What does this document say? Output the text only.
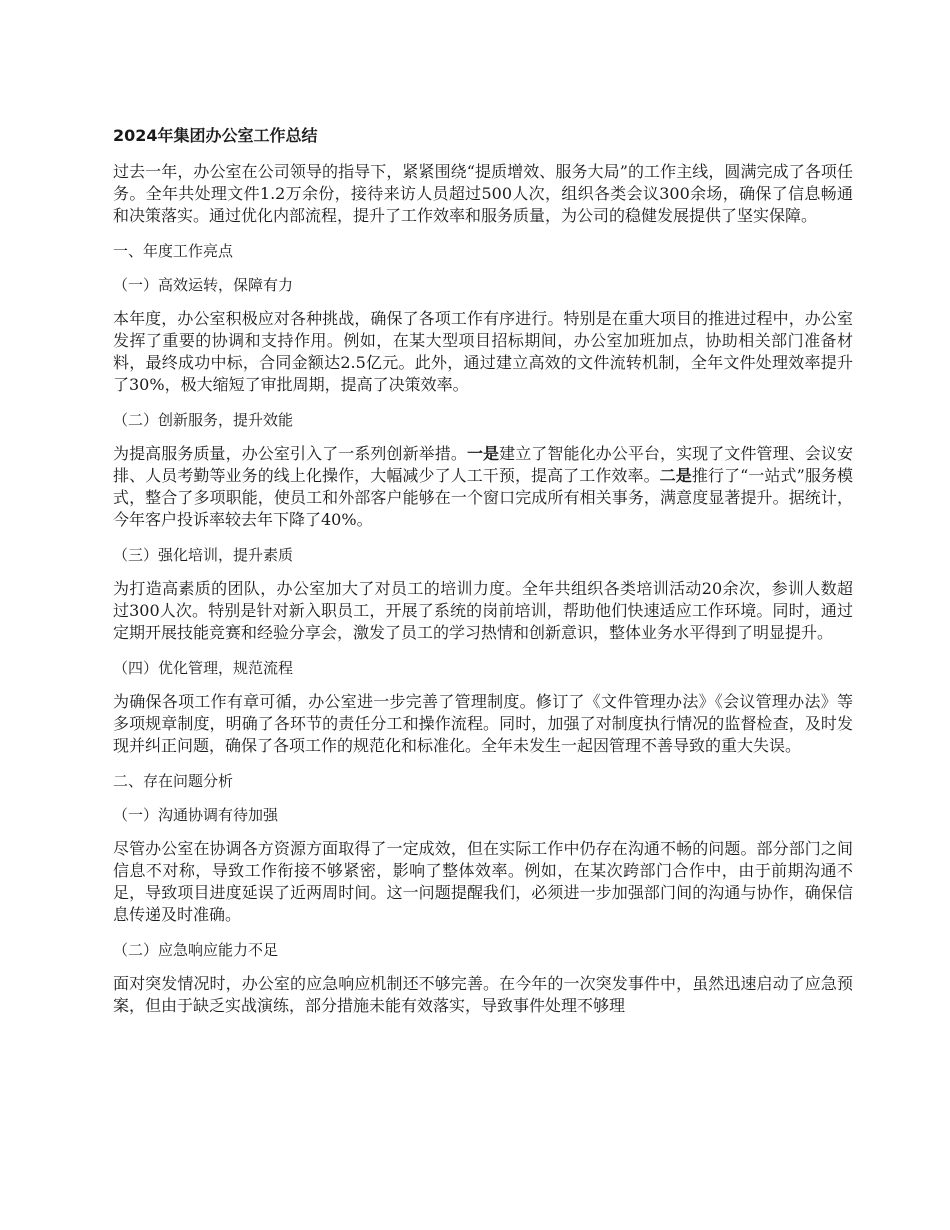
2024年集团办公室工作总结

过去一年，办公室在公司领导的指导下，紧紧围绕“提质增效、服务大局”的工作主线，圆满完成了各项任务。全年共处理文件1.2万余份，接待来访人员超过500人次，组织各类会议300余场，确保了信息畅通和决策落实。通过优化内部流程，提升了工作效率和服务质量，为公司的稳健发展提供了坚实保障。

一、年度工作亮点
（一）高效运转，保障有力

本年度，办公室积极应对各种挑战，确保了各项工作有序进行。特别是在重大项目的推进过程中，办公室发挥了重要的协调和支持作用。例如，在某大型项目招标期间，办公室加班加点，协助相关部门准备材料，最终成功中标，合同金额达2.5亿元。此外，通过建立高效的文件流转机制，全年文件处理效率提升了30%，极大缩短了审批周期，提高了决策效率。

（二）创新服务，提升效能

为提高服务质量，办公室引入了一系列创新举措。一是建立了智能化办公平台，实现了文件管理、会议安排、人员考勤等业务的线上化操作，大幅减少了人工干预，提高了工作效率。二是推行了“一站式”服务模式，整合了多项职能，使员工和外部客户能够在一个窗口完成所有相关事务，满意度显著提升。据统计，今年客户投诉率较去年下降了40%。

（三）强化培训，提升素质

为打造高素质的团队，办公室加大了对员工的培训力度。全年共组织各类培训活动20余次，参训人数超过300人次。特别是针对新入职员工，开展了系统的岗前培训，帮助他们快速适应工作环境。同时，通过定期开展技能竞赛和经验分享会，激发了员工的学习热情和创新意识，整体业务水平得到了明显提升。

（四）优化管理，规范流程

为确保各项工作有章可循，办公室进一步完善了管理制度。修订了《文件管理办法》《会议管理办法》等多项规章制度，明确了各环节的责任分工和操作流程。同时，加强了对制度执行情况的监督检查，及时发现并纠正问题，确保了各项工作的规范化和标准化。全年未发生一起因管理不善导致的重大失误。

二、存在问题分析
（一）沟通协调有待加强

尽管办公室在协调各方资源方面取得了一定成效，但在实际工作中仍存在沟通不畅的问题。部分部门之间信息不对称，导致工作衔接不够紧密，影响了整体效率。例如，在某次跨部门合作中，由于前期沟通不足，导致项目进度延误了近两周时间。这一问题提醒我们，必须进一步加强部门间的沟通与协作，确保信息传递及时准确。

（二）应急响应能力不足

面对突发情况时，办公室的应急响应机制还不够完善。在今年的一次突发事件中，虽然迅速启动了应急预案，但由于缺乏实战演练，部分措施未能有效落实，导致事件处理不够理
